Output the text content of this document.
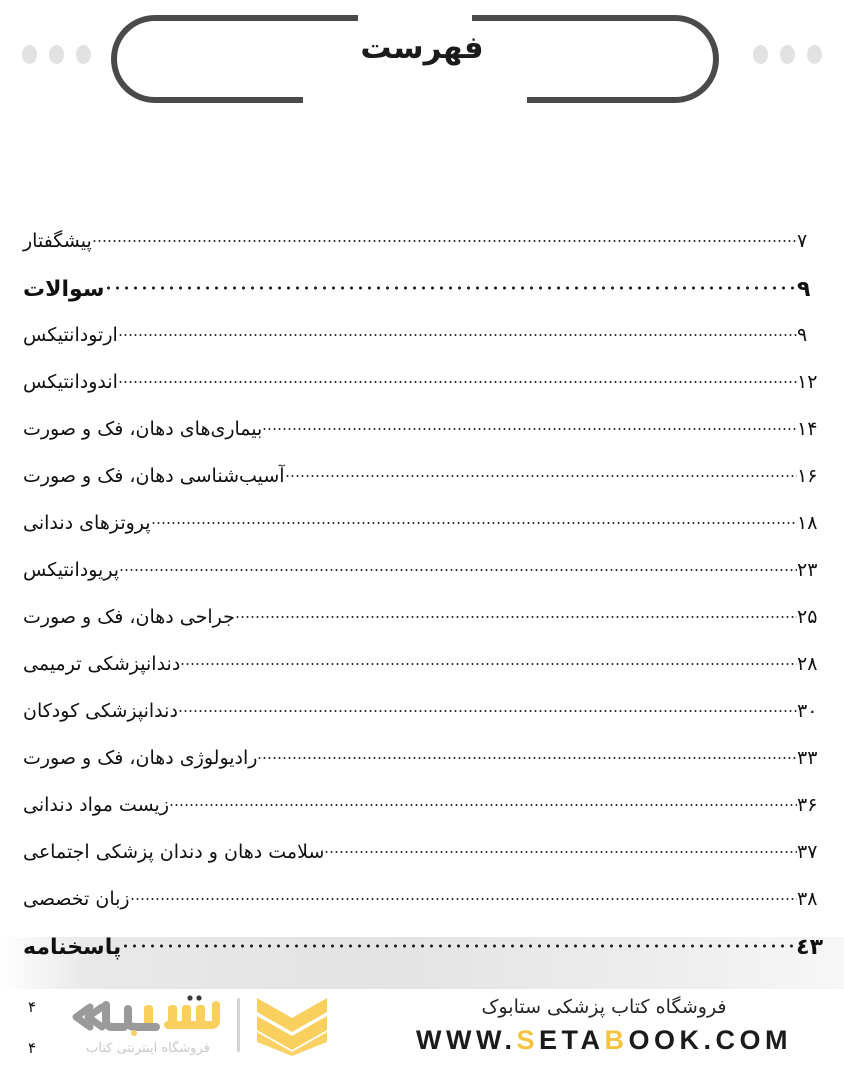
فهرست
پیشگفتار	۷
سوالات	۹
ارتودانتیکس	۹
اندودانتیکس	۱۲
بیماری‌های دهان، فک و صورت	۱۴
آسیب‌شناسی دهان، فک و صورت	۱۶
پروتزهای دندانی	۱۸
پریودانتیکس	۲۳
جراحی دهان، فک و صورت	۲۵
دندانپزشکی ترمیمی	۲۸
دندانپزشکی کودکان	۳۰
رادیولوژی دهان، فک و صورت	۳۳
زیست مواد دندانی	۳۶
سلامت دهان و دندان پزشکی اجتماعی	۳۷
زبان تخصصی	۳۸
پاسخنامه	٤٣
۴
۴	فروشگاه اینترنتی کتاب
فروشگاه کتاب پزشکی ستابوک
WWW.SETABOOK.COM
